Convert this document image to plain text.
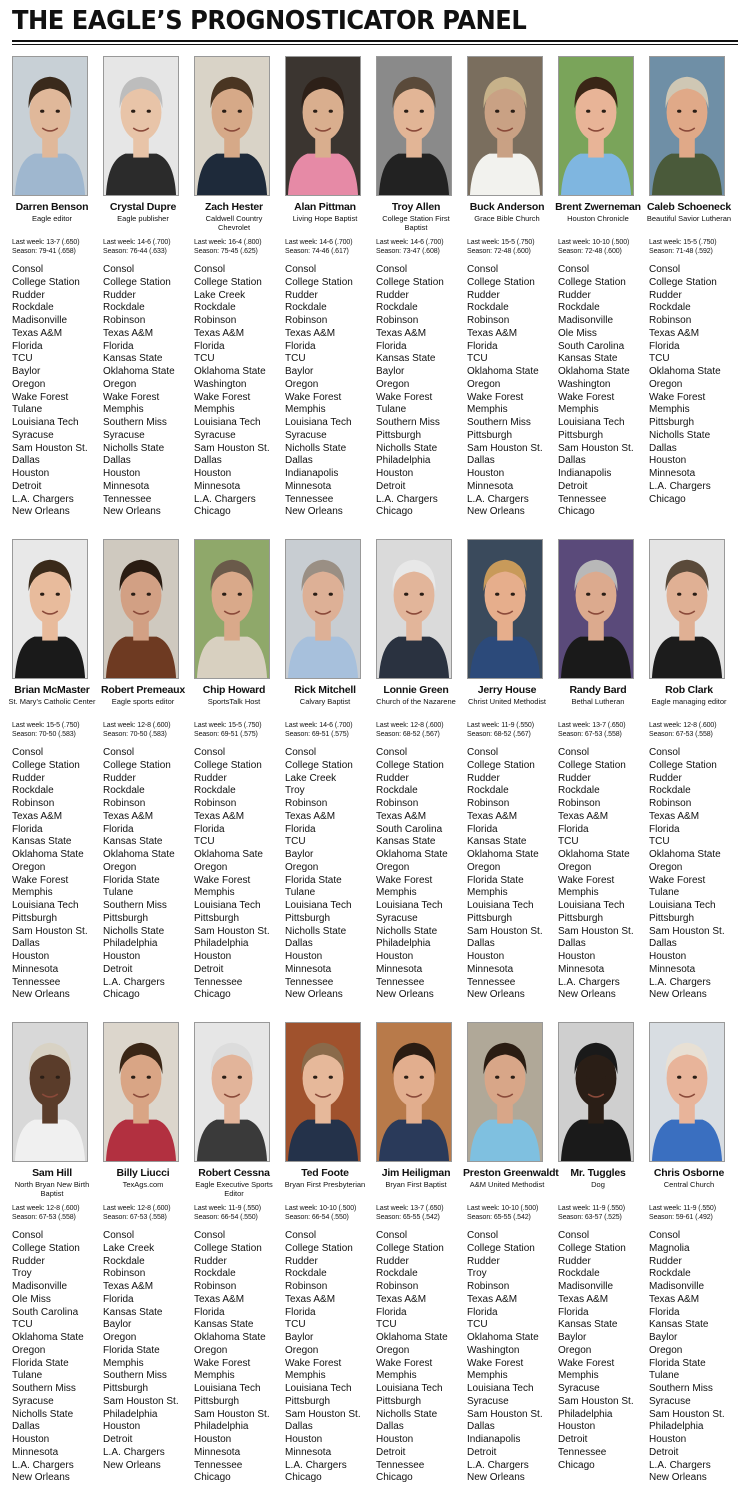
THE EAGLE’S PROGNOSTICATOR PANEL
Darren Benson
Eagle editor
Last week: 13-7 (.650)
Season: 79-41 (.658)
Consol
College Station
Rudder
Rockdale
Madisonville
Texas A&M
Florida
TCU
Baylor
Oregon
Wake Forest
Tulane
Louisiana Tech
Syracuse
Sam Houston St.
Dallas
Houston
Detroit
L.A. Chargers
New Orleans
Crystal Dupre
Eagle publisher
Last week: 14-6 (.700)
Season: 76-44 (.633)
Consol
College Station
Rudder
Rockdale
Robinson
Texas A&M
Florida
Kansas State
Oklahoma State
Oregon
Wake Forest
Memphis
Southern Miss
Syracuse
Nicholls State
Dallas
Houston
Minnesota
Tennessee
New Orleans
Zach Hester
Caldwell Country Chevrolet
Last week: 16-4 (.800)
Season: 75-45 (.625)
Consol
College Station
Lake Creek
Rockdale
Robinson
Texas A&M
Florida
TCU
Oklahoma State
Washington
Wake Forest
Memphis
Louisiana Tech
Syracuse
Sam Houston St.
Dallas
Houston
Minnesota
L.A. Chargers
Chicago
Alan Pittman
Living Hope Baptist
Last week: 14-6 (.700)
Season: 74-46 (.617)
Consol
College Station
Rudder
Rockdale
Robinson
Texas A&M
Florida
TCU
Baylor
Oregon
Wake Forest
Memphis
Louisiana Tech
Syracuse
Nicholls State
Dallas
Indianapolis
Minnesota
Tennessee
New Orleans
Troy Allen
College Station First Baptist
Last week: 14-6 (.700)
Season: 73-47 (.608)
Consol
College Station
Rudder
Rockdale
Robinson
Texas A&M
Florida
Kansas State
Baylor
Oregon
Wake Forest
Tulane
Southern Miss
Pittsburgh
Nicholls State
Philadelphia
Houston
Detroit
L.A. Chargers
Chicago
Buck Anderson
Grace Bible Church
Last week: 15-5 (.750)
Season: 72-48 (.600)
Consol
College Station
Rudder
Rockdale
Robinson
Texas A&M
Florida
TCU
Oklahoma State
Oregon
Wake Forest
Memphis
Southern Miss
Pittsburgh
Sam Houston St.
Dallas
Houston
Minnesota
L.A. Chargers
New Orleans
Brent Zwerneman
Houston Chronicle
Last week: 10-10 (.500)
Season: 72-48 (.600)
Consol
College Station
Rudder
Rockdale
Madisonville
Ole Miss
South Carolina
Kansas State
Oklahoma State
Washington
Wake Forest
Memphis
Louisiana Tech
Pittsburgh
Sam Houston St.
Dallas
Indianapolis
Detroit
Tennessee
Chicago
Caleb Schoeneck
Beautiful Savior Lutheran
Last week: 15-5 (.750)
Season: 71-48 (.592)
Consol
College Station
Rudder
Rockdale
Robinson
Texas A&M
Florida
TCU
Oklahoma State
Oregon
Wake Forest
Memphis
Pittsburgh
Nicholls State
Dallas
Houston
Minnesota
L.A. Chargers
Chicago
Brian McMaster
St. Mary’s Catholic Center
Last week: 15-5 (.750)
Season: 70-50 (.583)
Consol
College Station
Rudder
Rockdale
Robinson
Texas A&M
Florida
Kansas State
Oklahoma State
Oregon
Wake Forest
Memphis
Louisiana Tech
Pittsburgh
Sam Houston St.
Dallas
Houston
Minnesota
Tennessee
New Orleans
Robert Premeaux
Eagle sports editor
Last week: 12-8 (.600)
Season: 70-50 (.583)
Consol
College Station
Rudder
Rockdale
Robinson
Texas A&M
Florida
Kansas State
Oklahoma State
Oregon
Florida State
Tulane
Southern Miss
Pittsburgh
Nicholls State
Philadelphia
Houston
Detroit
L.A. Chargers
Chicago
Chip Howard
SportsTalk Host
Last week: 15-5 (.750)
Season: 69-51 (.575)
Consol
College Station
Rudder
Rockdale
Robinson
Texas A&M
Florida
TCU
Oklahoma Sate
Oregon
Wake Forest
Memphis
Louisiana Tech
Pittsburgh
Sam Houston St.
Philadelphia
Houston
Detroit
Tennessee
Chicago
Rick Mitchell
Calvary Baptist
Last week: 14-6 (.700)
Season: 69-51 (.575)
Consol
College Station
Lake Creek
Troy
Robinson
Texas A&M
Florida
TCU
Baylor
Oregon
Florida State
Tulane
Louisiana Tech
Pittsburgh
Nicholls State
Dallas
Houston
Minnesota
Tennessee
New Orleans
Lonnie Green
Church of the Nazarene
Last week: 12-8 (.600)
Season: 68-52 (.567)
Consol
College Station
Rudder
Rockdale
Robinson
Texas A&M
South Carolina
Kansas State
Oklahoma State
Oregon
Wake Forest
Memphis
Louisiana Tech
Syracuse
Nicholls State
Philadelphia
Houston
Minnesota
Tennessee
New Orleans
Jerry House
Christ United Methodist
Last week: 11-9 (.550)
Season: 68-52 (.567)
Consol
College Station
Rudder
Rockdale
Robinson
Texas A&M
Florida
Kansas State
Oklahoma State
Oregon
Florida State
Memphis
Louisiana Tech
Pittsburgh
Sam Houston St.
Dallas
Houston
Minnesota
Tennessee
New Orleans
Randy Bard
Bethal Lutheran
Last week: 13-7 (.650)
Season: 67-53 (.558)
Consol
College Station
Rudder
Rockdale
Robinson
Texas A&M
Florida
TCU
Oklahoma State
Oregon
Wake Forest
Memphis
Louisiana Tech
Pittsburgh
Sam Houston St.
Dallas
Houston
Minnesota
L.A. Chargers
New Orleans
Rob Clark
Eagle managing editor
Last week: 12-8 (.600)
Season: 67-53 (.558)
Consol
College Station
Rudder
Rockdale
Robinson
Texas A&M
Florida
TCU
Oklahoma State
Oregon
Wake Forest
Tulane
Louisiana Tech
Pittsburgh
Sam Houston St.
Dallas
Houston
Minnesota
L.A. Chargers
New Orleans
Sam Hill
North Bryan New Birth Baptist
Last week: 12-8 (.600)
Season: 67-53 (.558)
Consol
College Station
Rudder
Troy
Madisonville
Ole Miss
South Carolina
TCU
Oklahoma State
Oregon
Florida State
Tulane
Southern Miss
Syracuse
Nicholls State
Dallas
Houston
Minnesota
L.A. Chargers
New Orleans
Billy Liucci
TexAgs.com
Last week: 12-8 (.600)
Season: 67-53 (.558)
Consol
Lake Creek
Rockdale
Robinson
Texas A&M
Florida
Kansas State
Baylor
Oregon
Florida State
Memphis
Southern Miss
Pittsburgh
Sam Houston St.
Philadelphia
Houston
Detroit
L.A. Chargers
New Orleans
Robert Cessna
Eagle Executive Sports Editor
Last week: 11-9 (.550)
Season: 66-54 (.550)
Consol
College Station
Rudder
Rockdale
Robinson
Texas A&M
Florida
Kansas State
Oklahoma State
Oregon
Wake Forest
Memphis
Louisiana Tech
Pittsburgh
Sam Houston St.
Philadelphia
Houston
Minnesota
Tennessee
Chicago
Ted Foote
Bryan First Presbyterian
Last week: 10-10 (.500)
Season: 66-54 (.550)
Consol
College Station
Rudder
Rockdale
Robinson
Texas A&M
Florida
TCU
Baylor
Oregon
Wake Forest
Memphis
Louisiana Tech
Pittsburgh
Sam Houston St.
Dallas
Houston
Minnesota
L.A. Chargers
Chicago
Jim Heiligman
Bryan First Baptist
Last week: 13-7 (.650)
Season: 65-55 (.542)
Consol
College Station
Rudder
Rockdale
Robinson
Texas A&M
Florida
TCU
Oklahoma State
Oregon
Wake Forest
Memphis
Louisiana Tech
Pittsburgh
Nicholls State
Dallas
Houston
Detroit
Tennessee
Chicago
Preston Greenwaldt
A&M United Methodist
Last week: 10-10 (.500)
Season: 65-55 (.542)
Consol
College Station
Rudder
Troy
Robinson
Texas A&M
Florida
TCU
Oklahoma State
Washington
Wake Forest
Memphis
Louisiana Tech
Syracuse
Sam Houston St.
Dallas
Indianapolis
Detroit
L.A. Chargers
New Orleans
Mr. Tuggles
Dog
Last week: 11-9 (.550)
Season: 63-57 (.525)
Consol
College Station
Rudder
Rockdale
Madisonville
Texas A&M
Florida
Kansas State
Baylor
Oregon
Wake Forest
Memphis
Syracuse
Sam Houston St.
Philadelphia
Houston
Detroit
Tennessee
Chicago
Chris Osborne
Central Church
Last week: 11-9 (.550)
Season: 59-61 (.492)
Consol
Magnolia
Rudder
Rockdale
Madisonville
Texas A&M
Florida
Kansas State
Baylor
Oregon
Florida State
Tulane
Southern Miss
Syracuse
Sam Houston St.
Philadelphia
Houston
Detroit
L.A. Chargers
New Orleans
